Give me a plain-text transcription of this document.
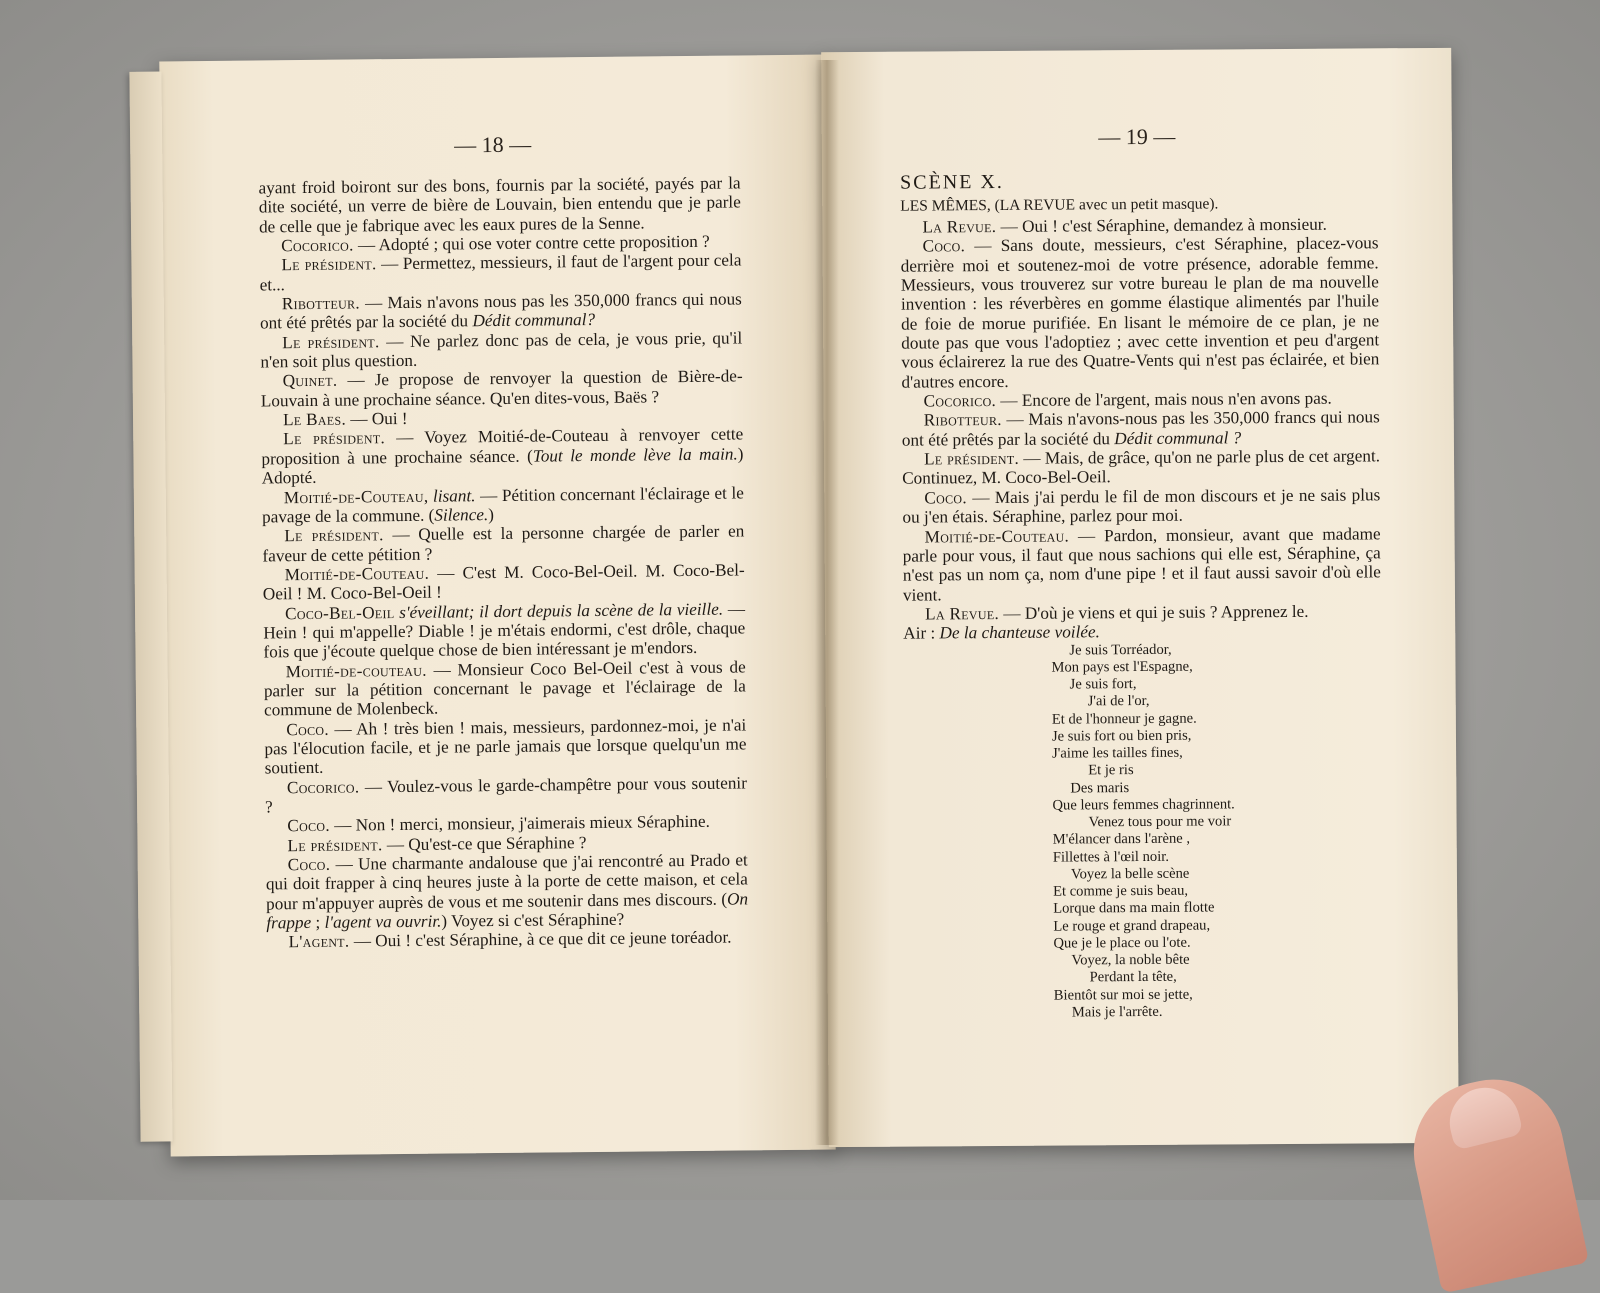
— 18 —

ayant froid boiront sur des bons, fournis par la société, payés par la dite société, un verre de bière de Louvain, bien entendu que je parle de celle que je fabrique avec les eaux pures de la Senne.

Cocorico. — Adopté ; qui ose voter contre cette proposition ?

Le président. — Permettez, messieurs, il faut de l'argent pour cela et...

Ribotteur. — Mais n'avons nous pas les 350,000 francs qui nous ont été prêtés par la société du Dédit communal?

Le président. — Ne parlez donc pas de cela, je vous prie, qu'il n'en soit plus question.

Quinet. — Je propose de renvoyer la question de Bière-de-Louvain à une prochaine séance. Qu'en dites-vous, Baës ?

Le Baes. — Oui !

Le président. — Voyez Moitié-de-Couteau à renvoyer cette proposition à une prochaine séance. (Tout le monde lève la main.) Adopté.

Moitié-de-Couteau, lisant. — Pétition concernant l'éclairage et le pavage de la commune. (Silence.)

Le président. — Quelle est la personne chargée de parler en faveur de cette pétition ?

Moitié-de-Couteau. — C'est M. Coco-Bel-Oeil. M. Coco-Bel-Oeil ! M. Coco-Bel-Oeil !

Coco-Bel-Oeil s'éveillant; il dort depuis la scène de la vieille. — Hein ! qui m'appelle? Diable ! je m'étais endormi, c'est drôle, chaque fois que j'écoute quelque chose de bien intéressant je m'endors.

Moitié-de-couteau. — Monsieur Coco Bel-Oeil c'est à vous de parler sur la pétition concernant le pavage et l'éclairage de la commune de Molenbeck.

Coco. — Ah ! très bien ! mais, messieurs, pardonnez-moi, je n'ai pas l'élocution facile, et je ne parle jamais que lorsque quelqu'un me soutient.

Cocorico. — Voulez-vous le garde-champêtre pour vous soutenir ?

Coco. — Non ! merci, monsieur, j'aimerais mieux Séraphine.

Le président. — Qu'est-ce que Séraphine ?

Coco. — Une charmante andalouse que j'ai rencontré au Prado et qui doit frapper à cinq heures juste à la porte de cette maison, et cela pour m'appuyer auprès de vous et me soutenir dans mes discours. (On frappe ; l'agent va ouvrir.) Voyez si c'est Séraphine?

L'agent. — Oui ! c'est Séraphine, à ce que dit ce jeune toréador.

— 19 —

SCÈNE X.

LES MÊMES, (LA REVUE avec un petit masque).

La Revue. — Oui ! c'est Séraphine, demandez à monsieur.

Coco. — Sans doute, messieurs, c'est Séraphine, placez-vous derrière moi et soutenez-moi de votre présence, adorable femme. Messieurs, vous trouverez sur votre bureau le plan de ma nouvelle invention : les réverbères en gomme élastique alimentés par l'huile de foie de morue purifiée. En lisant le mémoire de ce plan, je ne doute pas que vous l'adoptiez ; avec cette invention et peu d'argent vous éclairerez la rue des Quatre-Vents qui n'est pas éclairée, et bien d'autres encore.

Cocorico. — Encore de l'argent, mais nous n'en avons pas.

Ribotteur. — Mais n'avons-nous pas les 350,000 francs qui nous ont été prêtés par la société du Dédit communal ?

Le président. — Mais, de grâce, qu'on ne parle plus de cet argent. Continuez, M. Coco-Bel-Oeil.

Coco. — Mais j'ai perdu le fil de mon discours et je ne sais plus ou j'en étais. Séraphine, parlez pour moi.

Moitié-de-Couteau. — Pardon, monsieur, avant que madame parle pour vous, il faut que nous sachions qui elle est, Séraphine, ça n'est pas un nom ça, nom d'une pipe ! et il faut aussi savoir d'où elle vient.

La Revue. — D'où je viens et qui je suis ? Apprenez le.

Air : De la chanteuse voilée.

Je suis Torréador,
Mon pays est l'Espagne,
Je suis fort,
J'ai de l'or,
Et de l'honneur je gagne.
Je suis fort ou bien pris,
J'aime les tailles fines,
Et je ris
Des maris
Que leurs femmes chagrinnent.
Venez tous pour me voir
M'élancer dans l'arène ,
Fillettes à l'œil noir.
Voyez la belle scène
Et comme je suis beau,
Lorque dans ma main flotte
Le rouge et grand drapeau,
Que je le place ou l'ote.
Voyez, la noble bête
Perdant la tête,
Bientôt sur moi se jette,
Mais je l'arrête.
